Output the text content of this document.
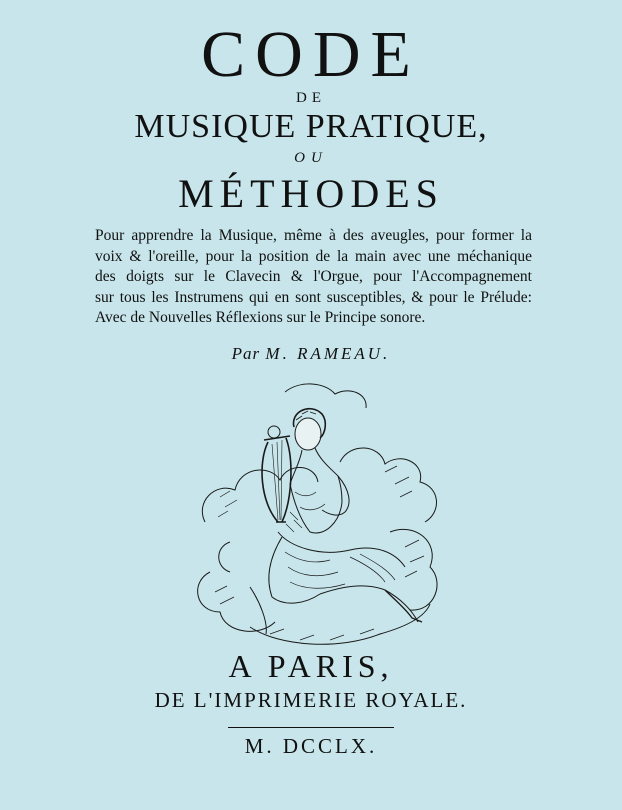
CODE
DE
MUSIQUE PRATIQUE,
OU
MÉTHODES
Pour apprendre la Musique, même à des aveugles, pour former la
voix & l'oreille, pour la position de la main avec une méchanique
des doigts sur le Clavecin & l'Orgue, pour l'Accompagnement
sur tous les Instrumens qui en sont susceptibles, & pour le Prélude:
Avec de Nouvelles Réflexions sur le Principe sonore.
Par M. RAMEAU.
A PARIS,
DE L'IMPRIMERIE ROYALE.
M. DCCLX.
